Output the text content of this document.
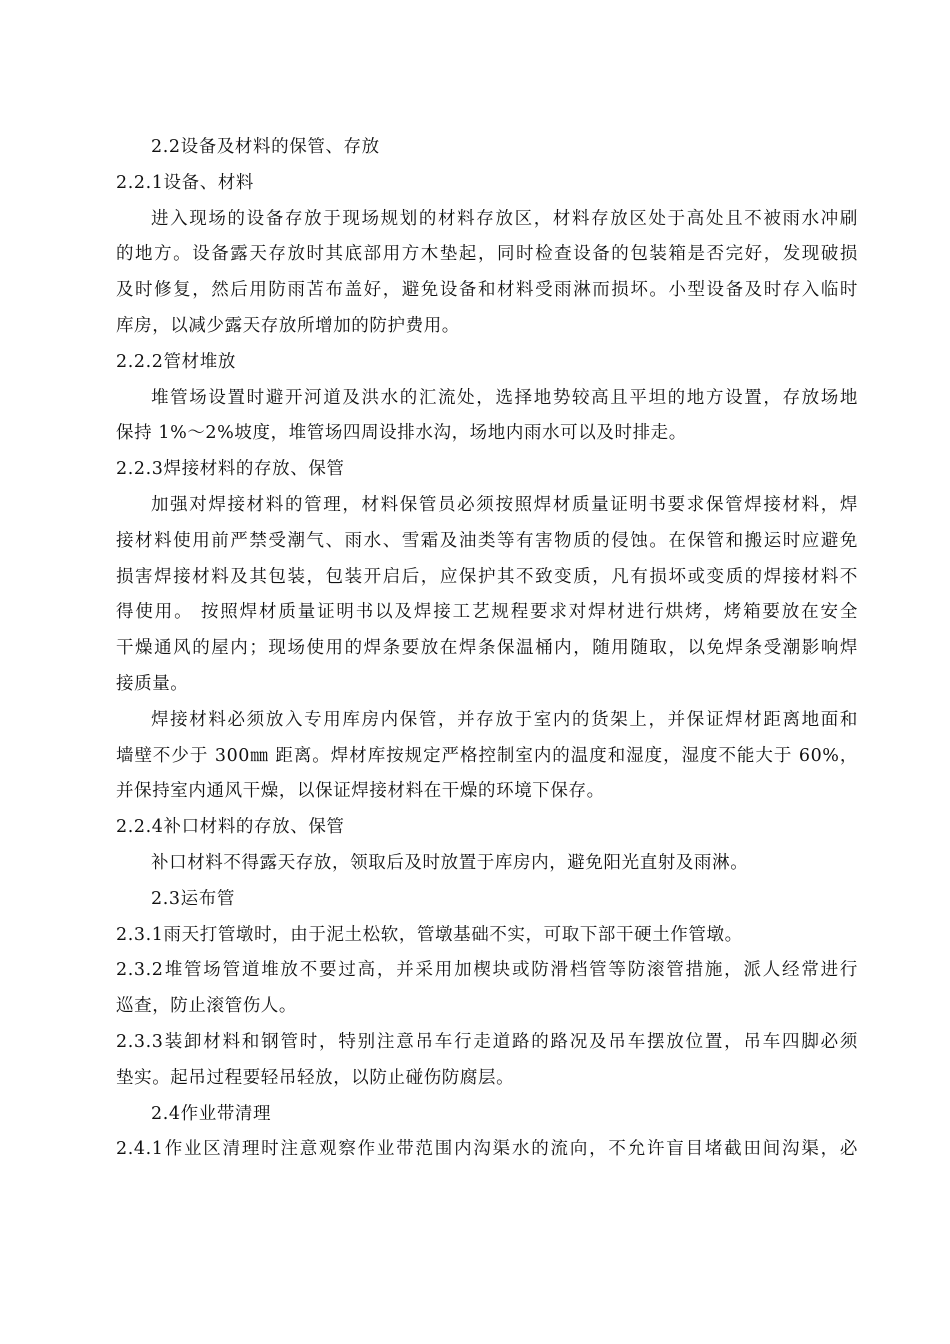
2.2设备及材料的保管、存放
2.2.1设备、材料
进入现场的设备存放于现场规划的材料存放区，材料存放区处于高处且不被雨水冲刷
的地方。设备露天存放时其底部用方木垫起，同时检查设备的包装箱是否完好，发现破损
及时修复，然后用防雨苫布盖好，避免设备和材料受雨淋而损坏。小型设备及时存入临时
库房，以减少露天存放所增加的防护费用。
2.2.2管材堆放
堆管场设置时避开河道及洪水的汇流处，选择地势较高且平坦的地方设置，存放场地
保持 1%～2%坡度，堆管场四周设排水沟，场地内雨水可以及时排走。
2.2.3焊接材料的存放、保管
加强对焊接材料的管理，材料保管员必须按照焊材质量证明书要求保管焊接材料，焊
接材料使用前严禁受潮气、雨水、雪霜及油类等有害物质的侵蚀。在保管和搬运时应避免
损害焊接材料及其包装，包装开启后，应保护其不致变质，凡有损坏或变质的焊接材料不
得使用。 按照焊材质量证明书以及焊接工艺规程要求对焊材进行烘烤，烤箱要放在安全
干燥通风的屋内；现场使用的焊条要放在焊条保温桶内，随用随取，以免焊条受潮影响焊
接质量。
焊接材料必须放入专用库房内保管，并存放于室内的货架上，并保证焊材距离地面和
墙壁不少于 300㎜ 距离。焊材库按规定严格控制室内的温度和湿度，湿度不能大于 60%，
并保持室内通风干燥，以保证焊接材料在干燥的环境下保存。
2.2.4补口材料的存放、保管
补口材料不得露天存放，领取后及时放置于库房内，避免阳光直射及雨淋。
2.3运布管
2.3.1雨天打管墩时，由于泥土松软，管墩基础不实，可取下部干硬土作管墩。
2.3.2堆管场管道堆放不要过高，并采用加楔块或防滑档管等防滚管措施，派人经常进行
巡查，防止滚管伤人。
2.3.3装卸材料和钢管时，特别注意吊车行走道路的路况及吊车摆放位置，吊车四脚必须
垫实。起吊过程要轻吊轻放，以防止碰伤防腐层。
2.4作业带清理
2.4.1作业区清理时注意观察作业带范围内沟渠水的流向，不允许盲目堵截田间沟渠，必
